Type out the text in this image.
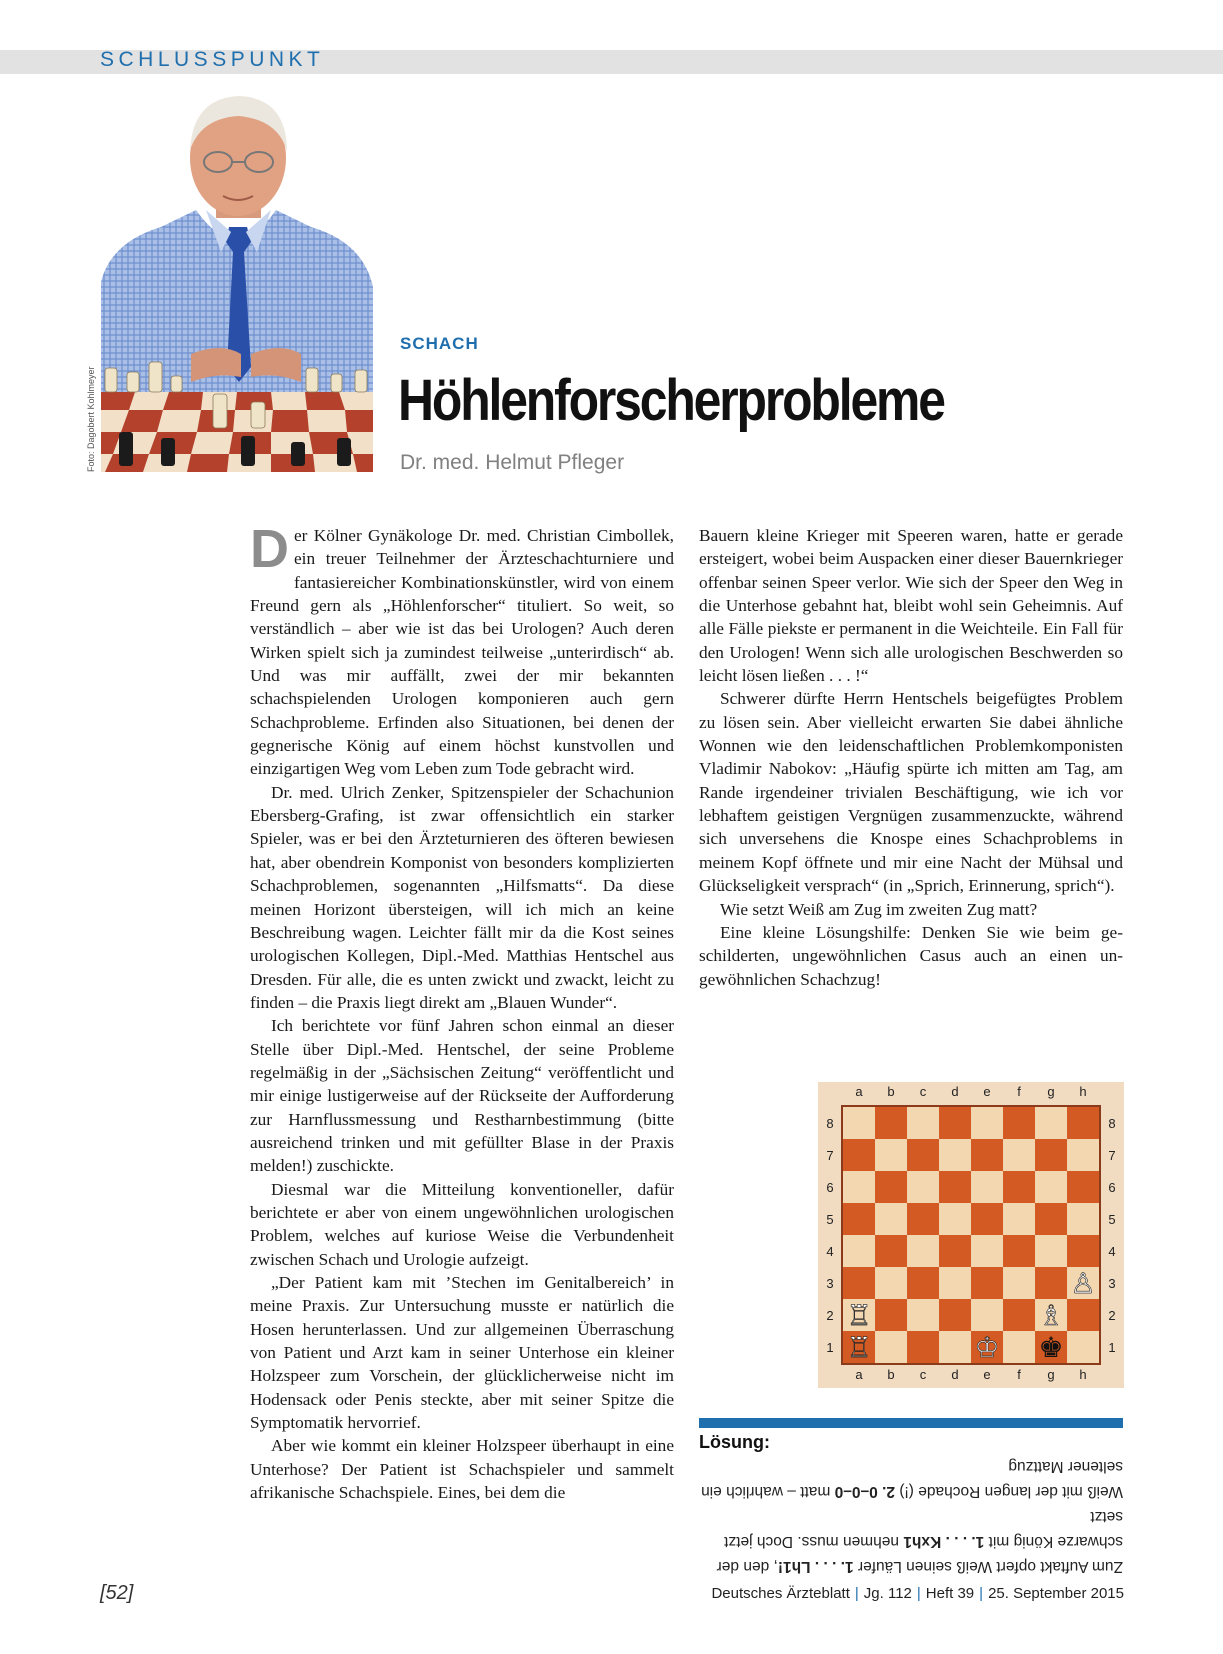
SCHLUSSPUNKT
Foto: Dagobert Kohlmeyer
SCHACH
Höhlenforscherprobleme
Dr. med. Helmut Pfleger

Der Kölner Gynäkologe Dr. med. Christian Cimbollek, ein treuer Teilnehmer der Ärzteschachturniere und fantasiereicher Kombinationskünstler, wird von einem Freund gern als „Höhlenforscher“ tituliert. So weit, so verständlich – aber wie ist das bei Urologen? Auch deren Wirken spielt sich ja zumindest teilweise „unterirdisch“ ab. Und was mir auffällt, zwei der mir bekannten schachspielenden Urologen komponieren auch gern Schachprobleme. Erfinden also Situationen, bei denen der gegnerische König auf einem höchst kunstvollen und einzigartigen Weg vom Leben zum Tode gebracht wird.

Dr. med. Ulrich Zenker, Spitzenspieler der Schachunion Ebersberg-Grafing, ist zwar offensichtlich ein starker Spieler, was er bei den Ärzteturnieren des öfteren bewiesen hat, aber obendrein Komponist von besonders komplizierten Schachproblemen, sogenannten „Hilfsmatts“. Da diese meinen Horizont übersteigen, will ich mich an keine Beschreibung wagen. Leichter fällt mir da die Kost seines urologischen Kollegen, Dipl.-Med. Matthias Hentschel aus Dresden. Für alle, die es unten zwickt und zwackt, leicht zu finden – die Praxis liegt direkt am „Blauen Wunder“.

Ich berichtete vor fünf Jahren schon einmal an dieser Stelle über Dipl.-Med. Hentschel, der seine Probleme regelmäßig in der „Sächsischen Zeitung“ veröffentlicht und mir einige lustigerweise auf der Rückseite der Aufforderung zur Harnflussmessung und Restharnbestimmung (bitte ausreichend trinken und mit gefüllter Blase in der Praxis melden!) zuschickte.

Diesmal war die Mitteilung konventioneller, dafür berichtete er aber von einem ungewöhnlichen urologischen Problem, welches auf kuriose Weise die Verbundenheit zwischen Schach und Urologie aufzeigt.

„Der Patient kam mit ’Stechen im Genitalbereich’ in meine Praxis. Zur Untersuchung musste er natürlich die Hosen herunterlassen. Und zur allgemeinen Überraschung von Patient und Arzt kam in seiner Unterhose ein kleiner Holzspeer zum Vorschein, der glücklicherweise nicht im Hodensack oder Penis steckte, aber mit seiner Spitze die Symptomatik hervorrief.

Aber wie kommt ein kleiner Holzspeer überhaupt in eine Unterhose? Der Patient ist Schachspieler und sammelt afrikanische Schachspiele. Eines, bei dem die

Bauern kleine Krieger mit Speeren waren, hatte er gerade ersteigert, wobei beim Auspacken einer dieser Bauernkrieger offenbar seinen Speer verlor. Wie sich der Speer den Weg in die Unterhose gebahnt hat, bleibt wohl sein Geheimnis. Auf alle Fälle piekste er permanent in die Weichteile. Ein Fall für den Urologen! Wenn sich alle urologischen Beschwerden so leicht lösen ließen . . . !“

Schwerer dürfte Herrn Hentschels beigefügtes Problem zu lösen sein. Aber vielleicht erwarten Sie dabei ähnliche Wonnen wie den leidenschaftlichen Problemkomponisten Vladimir Nabokov: „Häufig spürte ich mitten am Tag, am Rande irgendeiner trivialen Beschäftigung, wie ich vor lebhaftem geistigen Vergnügen zusammenzuckte, während sich unversehens die Knospe eines Schachproblems in meinem Kopf öffnete und mir eine Nacht der Mühsal und Glückseligkeit versprach“ (in „Sprich, Erinnerung, sprich“).

Wie setzt Weiß am Zug im zweiten Zug matt?

Eine kleine Lösungshilfe: Denken Sie wie beim geschilderten, ungewöhnlichen Casus auch an einen ungewöhnlichen Schachzug!

a
a
b
b
c
c
d
d
e
e
f
f
g
g
h
h
8	8
7	7
6	6
5	5
4	4
3	3
2	2
1	1
♖
♖	♔
♗
♙
♚
Lösung:
Zum Auftakt opfert Weiß seinen Läufer 1. . . . Lh1!, den der
schwarze König mit 1. . . . Kxh1 nehmen muss. Doch jetzt setzt
Weiß mit der langen Rochade (!) 2. 0–0–0 matt – wahrlich ein
seltener Mattzug
[52]	Deutsches Ärzteblatt | Jg. 112 | Heft 39 | 25. September 2015
